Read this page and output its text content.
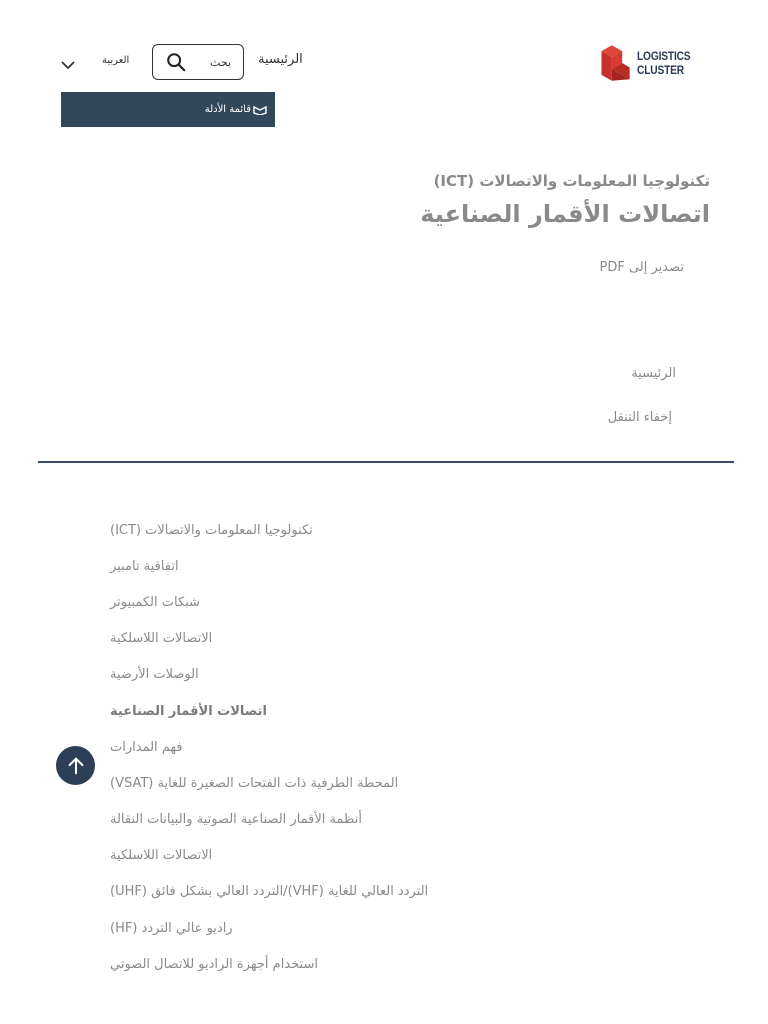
LOGISTICS
CLUSTER
الرئيسية
بحث
العربية
قائمة الأدلة
تكنولوجيا المعلومات والاتصالات (ICT)
اتصالات الأقمار الصناعية
تصدير إلى PDF
الرئيسية
إخفاء التنقل
تكنولوجيا المعلومات والاتصالات (ICT)
اتفاقية تامبير
شبكات الكمبيوتر
الاتصالات اللاسلكية
الوصلات الأرضية
اتصالات الأقمار الصناعية
فهم المدارات
المحطة الطرفية ذات الفتحات الصغيرة للغاية (VSAT)
أنظمة الأقمار الصناعية الصوتية والبيانات النقالة
الاتصالات اللاسلكية
التردد العالي للغاية (VHF)/التردد العالي بشكل فائق (UHF)
راديو عالي التردد (HF)
استخدام أجهزة الراديو للاتصال الصوتي
